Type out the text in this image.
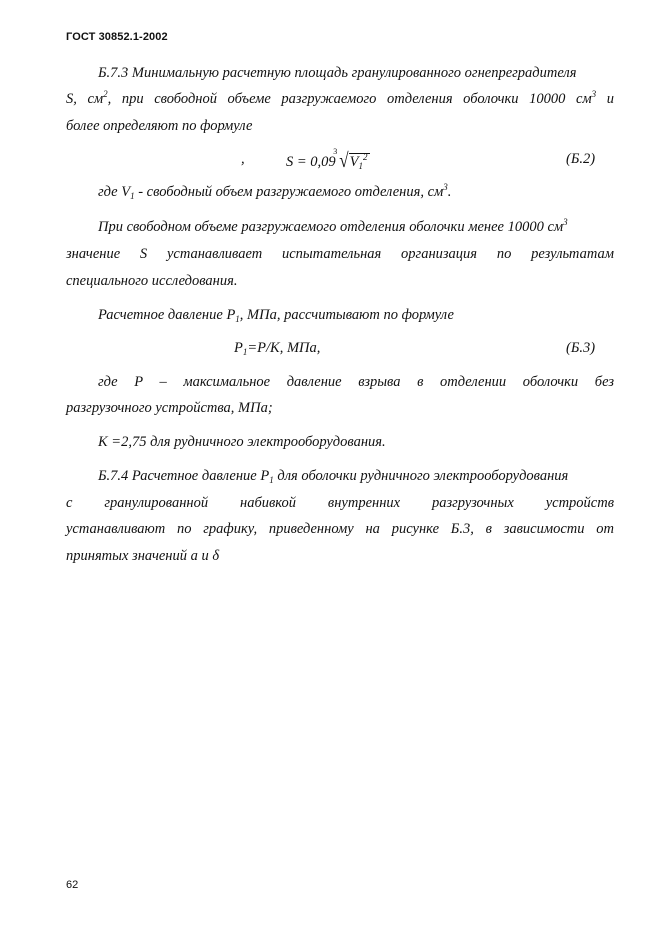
ГОСТ 30852.1-2002
Б.7.3 Минимальную расчетную площадь гранулированного огнепреградителя
S, $см^2$, при свободной объеме разгружаемого отделения оболочки 10000 $см^3$ и
более определяют по формуле
,	S = 0,09
3 $√V_1^2$	(Б.2)
где $V_1$ - свободный объем разгружаемого отделения, $см^3$.
При свободном объеме разгружаемого отделения оболочки менее 10000 $см^3$
значение S устанавливает испытательная организация по результатам
специального исследования.
Расчетное давление $P_1$, МПа, рассчитывают по формуле
$P_1=P/K$, МПа,	(Б.3)
где P – максимальное давление взрыва в отделении оболочки без
разгрузочного устройства, МПа;
K =2,75 для рудничного электрооборудования.
Б.7.4 Расчетное давление $P_1$ для оболочки рудничного электрооборудования
с гранулированной набивкой внутренних разгрузочных устройств
устанавливают по графику, приведенному на рисунке Б.3, в зависимости от
принятых значений a и δ
62
